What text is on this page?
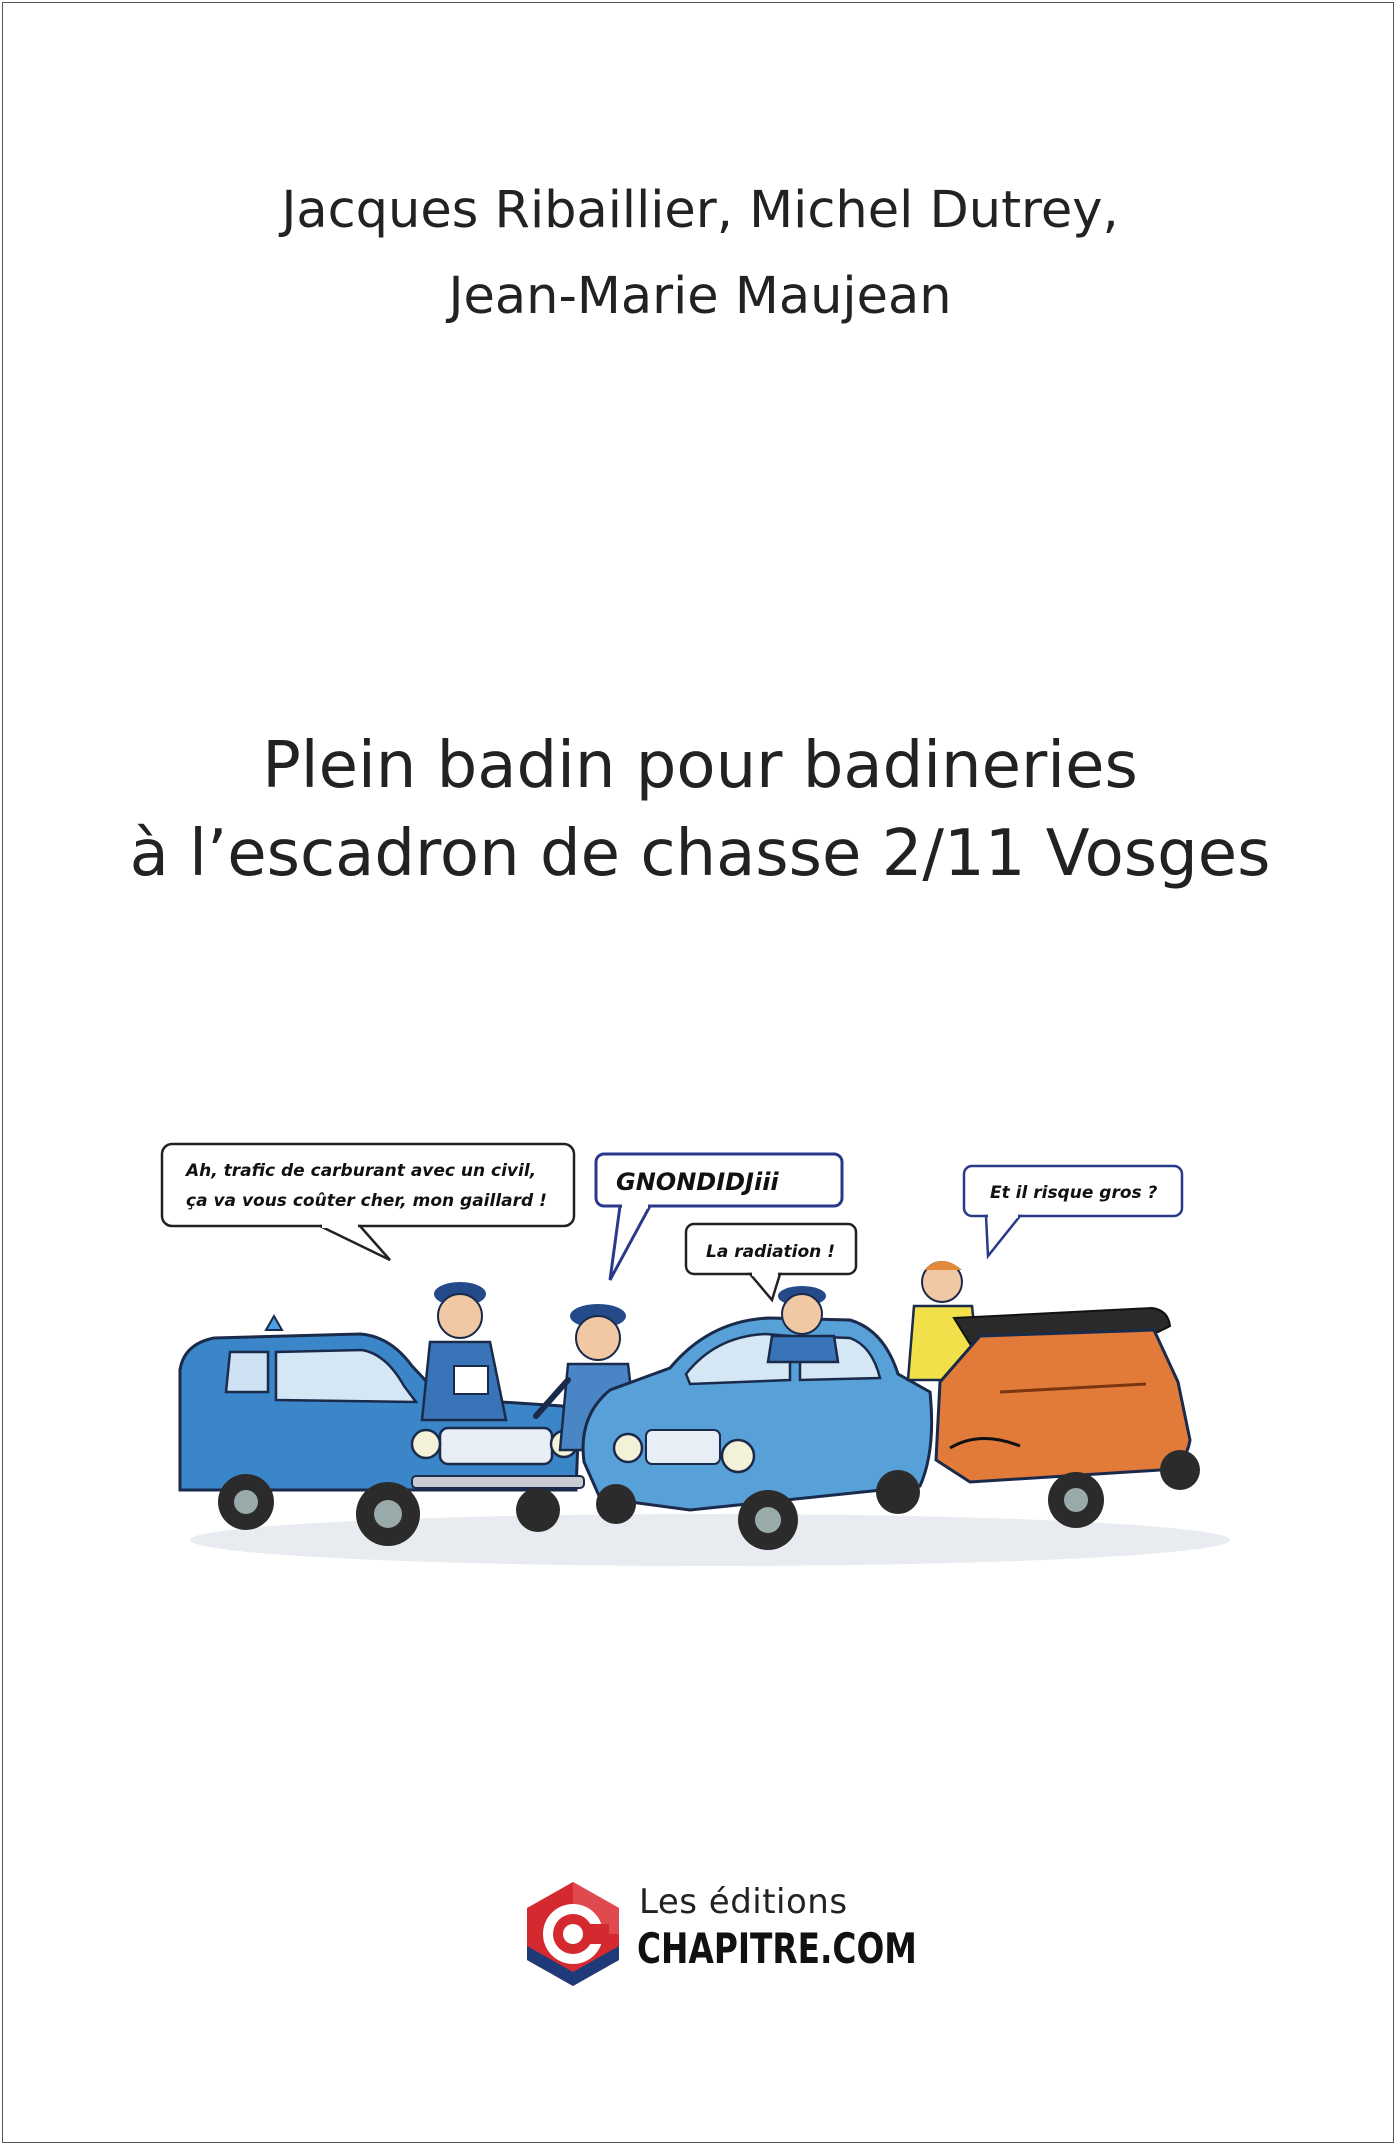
Jacques Ribaillier, Michel Dutrey,
Jean-Marie Maujean
Plein badin pour badineries
à l’escadron de chasse 2/11 Vosges
Ah, trafic de carburant avec un civil,
ça va vous coûter cher, mon gaillard !
GNONDIDJiii
La radiation !
Et il risque gros ?
Les éditions
CHAPITRE.COM
